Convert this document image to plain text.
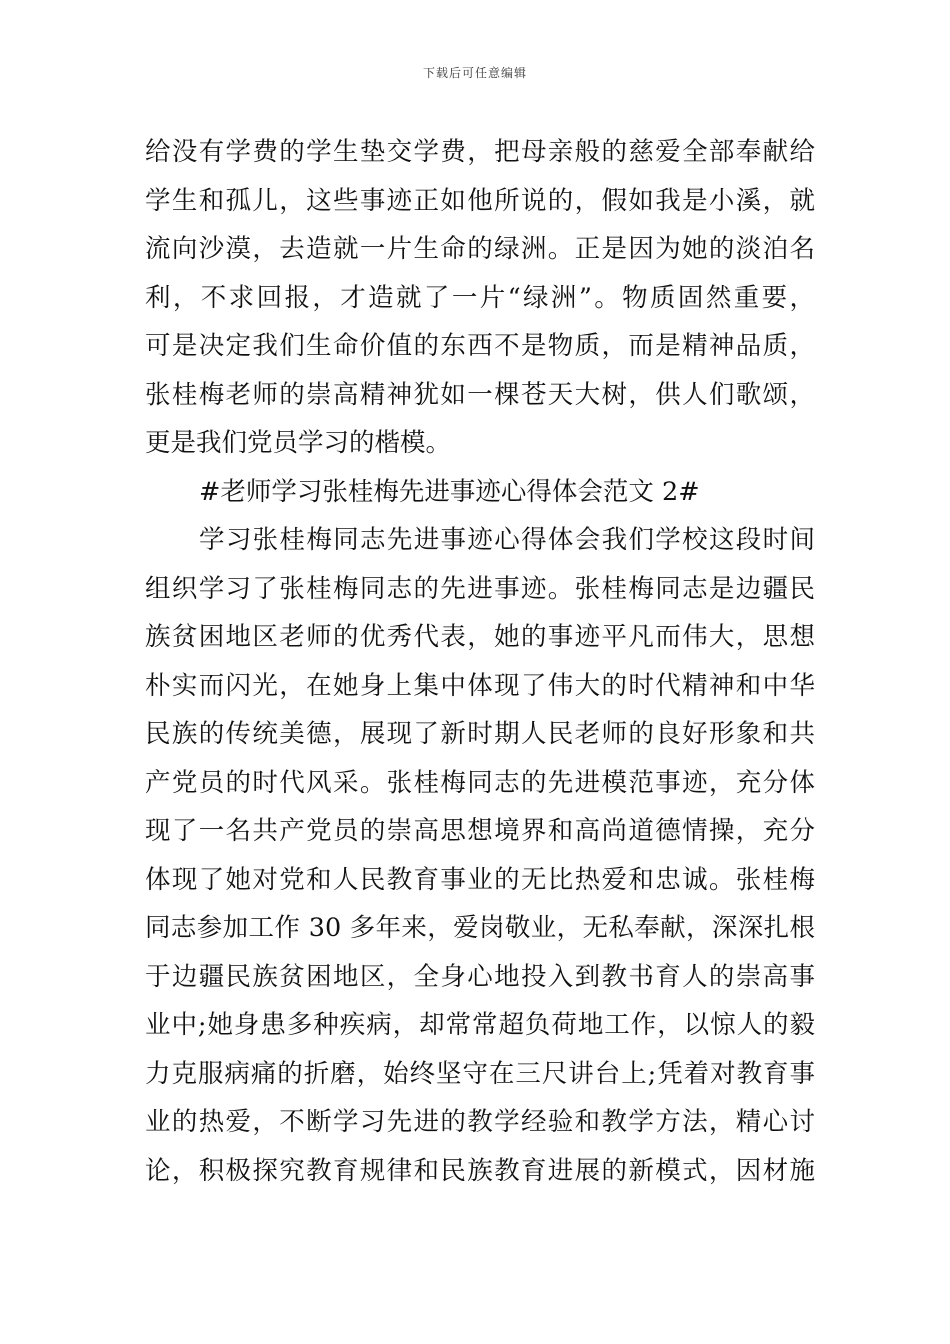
下载后可任意编辑
给没有学费的学生垫交学费，把母亲般的慈爱全部奉献给
学生和孤儿，这些事迹正如他所说的，假如我是小溪，就
流向沙漠，去造就一片生命的绿洲。正是因为她的淡泊名
利，不求回报，才造就了一片“绿洲”。物质固然重要，
可是决定我们生命价值的东西不是物质，而是精神品质，
张桂梅老师的崇高精神犹如一棵苍天大树，供人们歌颂，
更是我们党员学习的楷模。
#老师学习张桂梅先进事迹心得体会范文 2#
学习张桂梅同志先进事迹心得体会我们学校这段时间
组织学习了张桂梅同志的先进事迹。张桂梅同志是边疆民
族贫困地区老师的优秀代表，她的事迹平凡而伟大，思想
朴实而闪光，在她身上集中体现了伟大的时代精神和中华
民族的传统美德，展现了新时期人民老师的良好形象和共
产党员的时代风采。张桂梅同志的先进模范事迹，充分体
现了一名共产党员的崇高思想境界和高尚道德情操，充分
体现了她对党和人民教育事业的无比热爱和忠诚。张桂梅
同志参加工作 30 多年来，爱岗敬业，无私奉献，深深扎根
于边疆民族贫困地区，全身心地投入到教书育人的崇高事
业中;她身患多种疾病，却常常超负荷地工作，以惊人的毅
力克服病痛的折磨，始终坚守在三尺讲台上;凭着对教育事
业的热爱，不断学习先进的教学经验和教学方法，精心讨
论，积极探究教育规律和民族教育进展的新模式，因材施
